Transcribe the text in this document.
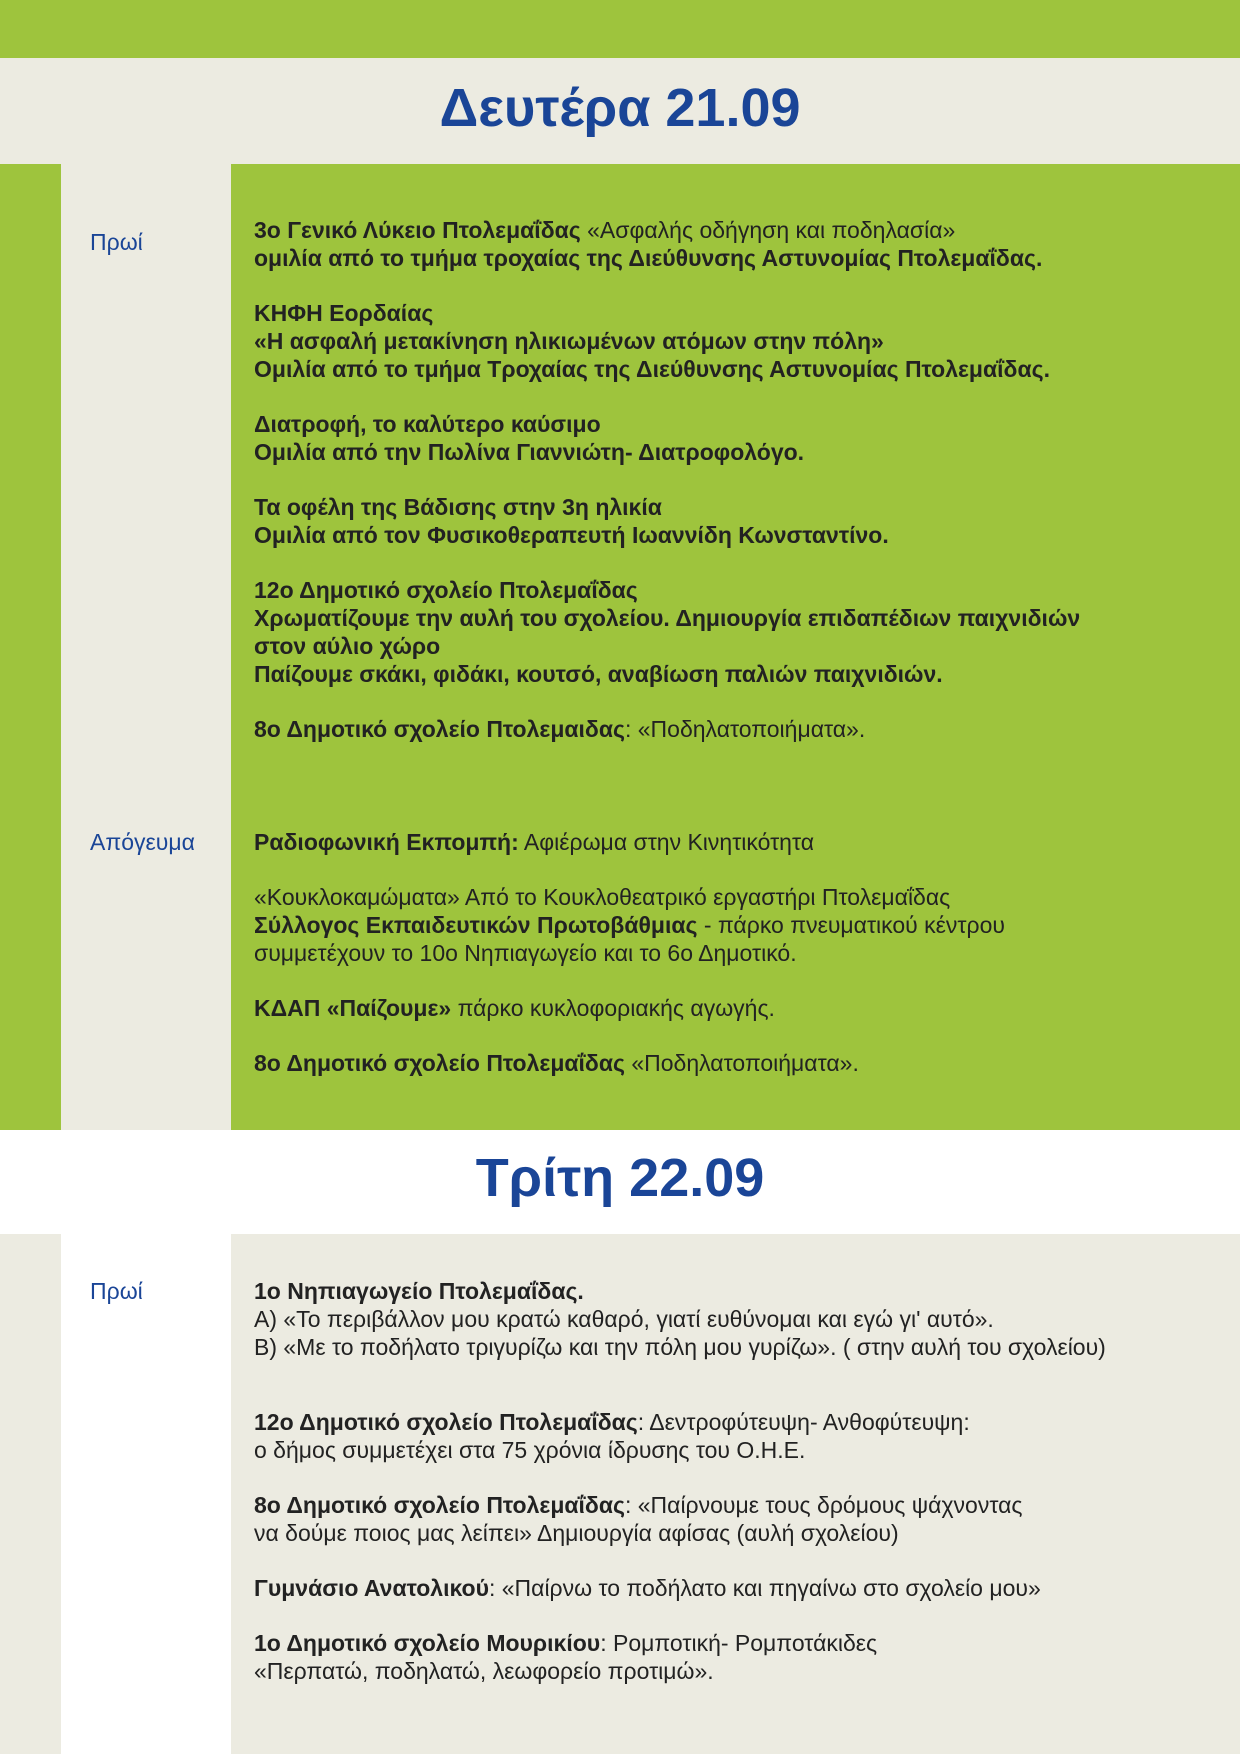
Δευτέρα 21.09
Πρωί	3ο Γενικό Λύκειο Πτολεμαΐδας «Ασφαλής οδήγηση και ποδηλασία»
ομιλία από το τμήμα τροχαίας της Διεύθυνσης Αστυνομίας Πτολεμαΐδας.
ΚΗΦΗ Εορδαίας
«Η ασφαλή μετακίνηση ηλικιωμένων ατόμων στην πόλη»
Ομιλία από το τμήμα Τροχαίας της Διεύθυνσης Αστυνομίας Πτολεμαΐδας.
Διατροφή, το καλύτερο καύσιμο
Ομιλία από την Πωλίνα Γιαννιώτη- Διατροφολόγο.
Τα οφέλη της Βάδισης στην 3η ηλικία
Ομιλία από τον Φυσικοθεραπευτή Ιωαννίδη Κωνσταντίνο.
12ο Δημοτικό σχολείο Πτολεμαΐδας
Χρωματίζουμε την αυλή του σχολείου. Δημιουργία επιδαπέδιων παιχνιδιών
στον αύλιο χώρο
Παίζουμε σκάκι, φιδάκι, κουτσό, αναβίωση παλιών παιχνιδιών.
8ο Δημοτικό σχολείο Πτολεμαιδας: «Ποδηλατοποιήματα».
Απόγευμα	Ραδιοφωνική Εκπομπή: Αφιέρωμα στην Κινητικότητα
«Κουκλοκαμώματα» Από το Κουκλοθεατρικό εργαστήρι Πτολεμαΐδας
Σύλλογος Εκπαιδευτικών Πρωτοβάθμιας - πάρκο πνευματικού κέντρου
συμμετέχουν το 10ο Νηπιαγωγείο και το 6ο Δημοτικό.
ΚΔΑΠ «Παίζουμε» πάρκο κυκλοφοριακής αγωγής.
8ο Δημοτικό σχολείο Πτολεμαΐδας «Ποδηλατοποιήματα».
Τρίτη 22.09
Πρωί	1ο Νηπιαγωγείο Πτολεμαΐδας.
Α) «Το περιβάλλον μου κρατώ καθαρό, γιατί ευθύνομαι και εγώ γι' αυτό».
Β) «Με το ποδήλατο τριγυρίζω και την πόλη μου γυρίζω». ( στην αυλή του σχολείου)
12ο Δημοτικό σχολείο Πτολεμαΐδας: Δεντροφύτευψη- Ανθοφύτευψη:
ο δήμος συμμετέχει στα 75 χρόνια ίδρυσης του Ο.Η.Ε.
8ο Δημοτικό σχολείο Πτολεμαΐδας: «Παίρνουμε τους δρόμους ψάχνοντας
να δούμε ποιος μας λείπει» Δημιουργία αφίσας (αυλή σχολείου)
Γυμνάσιο Ανατολικού: «Παίρνω το ποδήλατο και πηγαίνω στο σχολείο μου»
1ο Δημοτικό σχολείο Μουρικίου: Ρομποτική- Ρομποτάκιδες
«Περπατώ, ποδηλατώ, λεωφορείο προτιμώ».
